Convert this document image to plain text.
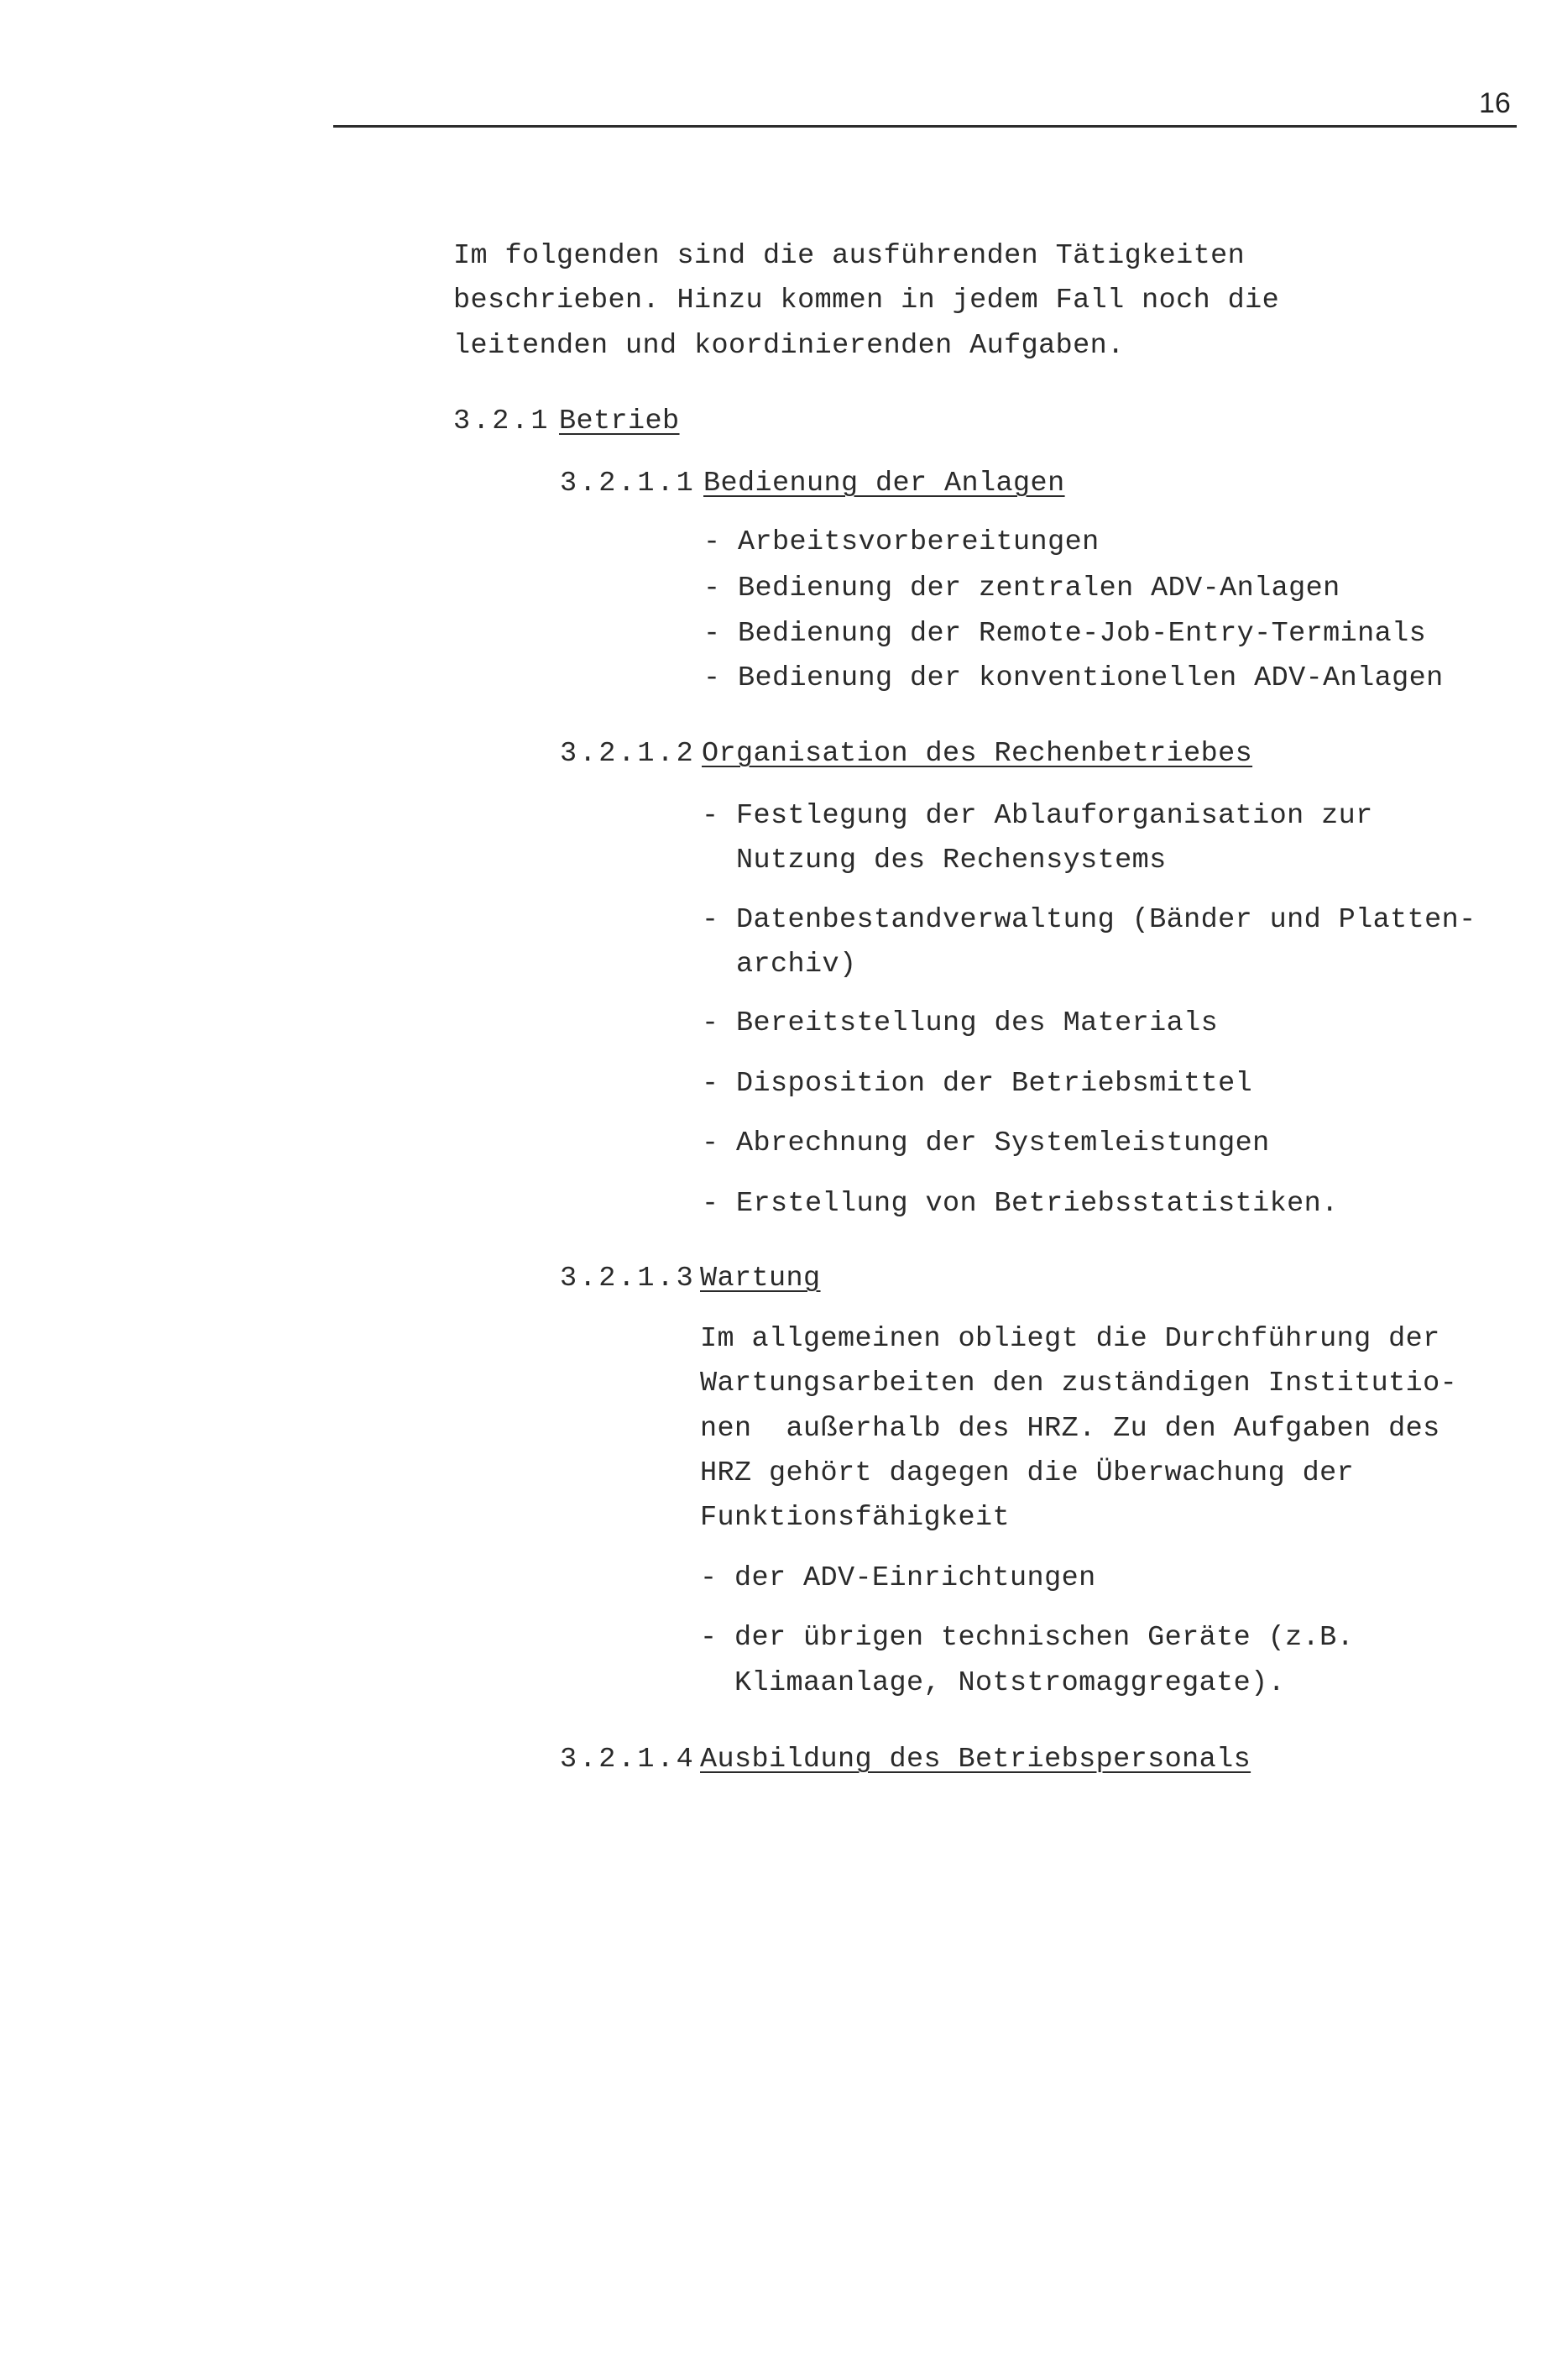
16
Im folgenden sind die ausführenden Tätigkeiten
beschrieben. Hinzu kommen in jedem Fall noch die
leitenden und koordinierenden Aufgaben.
3.2.1 Betrieb
3.2.1.1 Bedienung der Anlagen
- Arbeitsvorbereitungen
- Bedienung der zentralen ADV-Anlagen
- Bedienung der Remote-Job-Entry-Terminals
- Bedienung der konventionellen ADV-Anlagen
3.2.1.2 Organisation des Rechenbetriebes
- Festlegung der Ablauforganisation zur
Nutzung des Rechensystems
- Datenbestandverwaltung (Bänder und Platten-
archiv)
- Bereitstellung des Materials
- Disposition der Betriebsmittel
- Abrechnung der Systemleistungen
- Erstellung von Betriebsstatistiken.
3.2.1.3 Wartung
Im allgemeinen obliegt die Durchführung der
Wartungsarbeiten den zuständigen Institutio-
nen  außerhalb des HRZ. Zu den Aufgaben des
HRZ gehört dagegen die Überwachung der
Funktionsfähigkeit
- der ADV-Einrichtungen
- der übrigen technischen Geräte (z.B.
Klimaanlage, Notstromaggregate).
3.2.1.4 Ausbildung des Betriebspersonals
